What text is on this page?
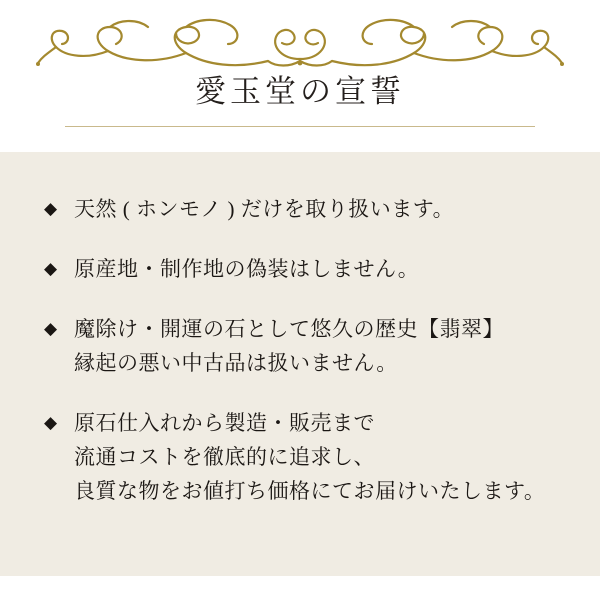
愛玉堂の宣誓
◆ 天然 ( ホンモノ ) だけを取り扱います。
◆ 原産地・制作地の偽装はしません。
◆ 魔除け・開運の石として悠久の歴史【翡翠】 縁起の悪い中古品は扱いません。
◆ 原石仕入れから製造・販売まで 流通コストを徹底的に追求し、 良質な物をお値打ち価格にてお届けいたします。
